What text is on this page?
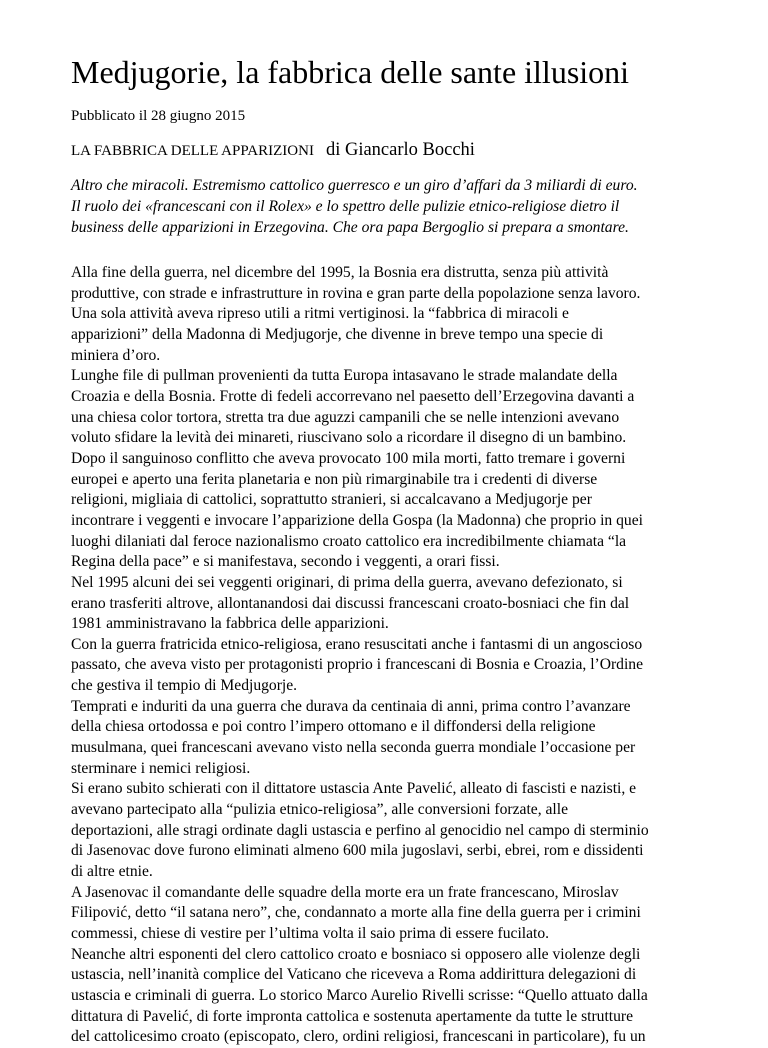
Medjugorie, la fabbrica delle sante illusioni

Pubblicato il 28 giugno 2015

LA FABBRICA DELLE APPARIZIONI di Giancarlo Bocchi

Altro che miracoli. Estremismo cattolico guerresco e un giro d’affari da 3 miliardi di euro.
Il ruolo dei «francescani con il Rolex» e lo spettro delle pulizie etnico-religiose dietro il
business delle apparizioni in Erzegovina. Che ora papa Bergoglio si prepara a smontare.

Alla fine della guerra, nel dicembre del 1995, la Bosnia era distrutta, senza più attività
produttive, con strade e infrastrutture in rovina e gran parte della popolazione senza lavoro.
Una sola attività aveva ripreso utili a ritmi vertiginosi. la “fabbrica di miracoli e
apparizioni” della Madonna di Medjugorje, che divenne in breve tempo una specie di
miniera d’oro.
Lunghe file di pullman provenienti da tutta Europa intasavano le strade malandate della
Croazia e della Bosnia. Frotte di fedeli accorrevano nel paesetto dell’Erzegovina davanti a
una chiesa color tortora, stretta tra due aguzzi campanili che se nelle intenzioni avevano
voluto sfidare la levità dei minareti, riuscivano solo a ricordare il disegno di un bambino.
Dopo il sanguinoso conflitto che aveva provocato 100 mila morti, fatto tremare i governi
europei e aperto una ferita planetaria e non più rimarginabile tra i credenti di diverse
religioni, migliaia di cattolici, soprattutto stranieri, si accalcavano a Medjugorje per
incontrare i veggenti e invocare l’apparizione della Gospa (la Madonna) che proprio in quei
luoghi dilaniati dal feroce nazionalismo croato cattolico era incredibilmente chiamata “la
Regina della pace” e si manifestava, secondo i veggenti, a orari fissi.
Nel 1995 alcuni dei sei veggenti originari, di prima della guerra, avevano defezionato, si
erano trasferiti altrove, allontanandosi dai discussi francescani croato-bosniaci che fin dal
1981 amministravano la fabbrica delle apparizioni.
Con la guerra fratricida etnico-religiosa, erano resuscitati anche i fantasmi di un angoscioso
passato, che aveva visto per protagonisti proprio i francescani di Bosnia e Croazia, l’Ordine
che gestiva il tempio di Medjugorje.
Temprati e induriti da una guerra che durava da centinaia di anni, prima contro l’avanzare
della chiesa ortodossa e poi contro l’impero ottomano e il diffondersi della religione
musulmana, quei francescani avevano visto nella seconda guerra mondiale l’occasione per
sterminare i nemici religiosi.
Si erano subito schierati con il dittatore ustascia Ante Pavelić, alleato di fascisti e nazisti, e
avevano partecipato alla “pulizia etnico-religiosa”, alle conversioni forzate, alle
deportazioni, alle stragi ordinate dagli ustascia e perfino al genocidio nel campo di sterminio
di Jasenovac dove furono eliminati almeno 600 mila jugoslavi, serbi, ebrei, rom e dissidenti
di altre etnie.
A Jasenovac il comandante delle squadre della morte era un frate francescano, Miroslav
Filipović, detto “il satana nero”, che, condannato a morte alla fine della guerra per i crimini
commessi, chiese di vestire per l’ultima volta il saio prima di essere fucilato.
Neanche altri esponenti del clero cattolico croato e bosniaco si opposero alle violenze degli
ustascia, nell’inanità complice del Vaticano che riceveva a Roma addirittura delegazioni di
ustascia e criminali di guerra. Lo storico Marco Aurelio Rivelli scrisse: “Quello attuato dalla
dittatura di Pavelić, di forte impronta cattolica e sostenuta apertamente da tutte le strutture
del cattolicesimo croato (episcopato, clero, ordini religiosi, francescani in particolare), fu un
